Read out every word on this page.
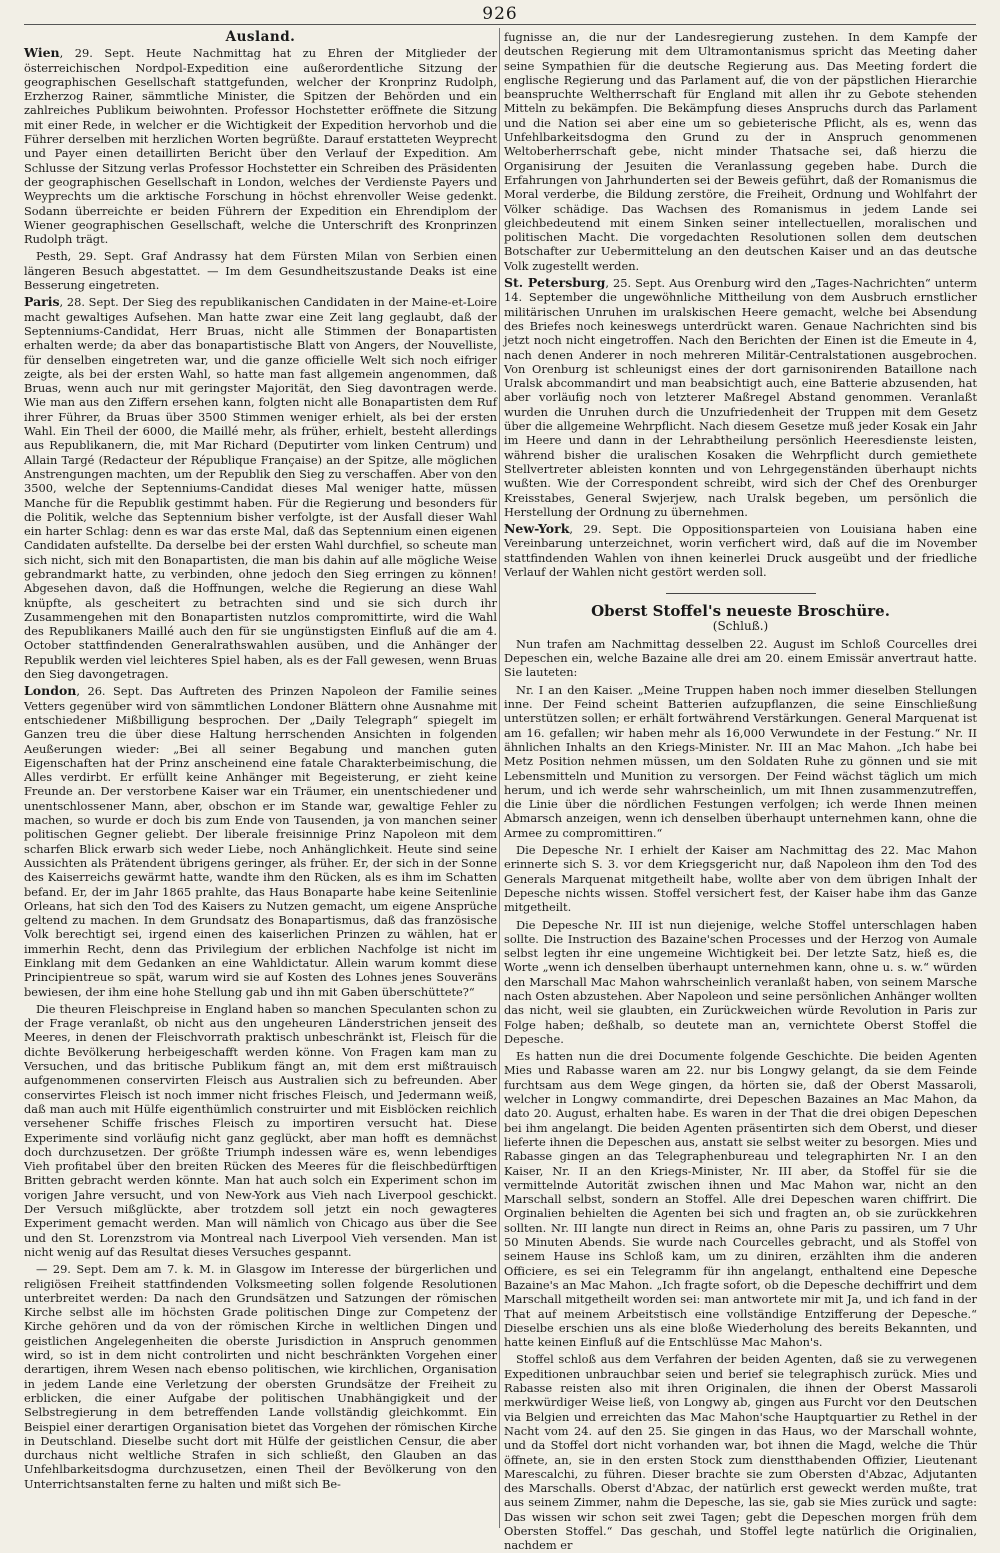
926
Ausland.

Wien, 29. Sept. Heute Nachmittag hat zu Ehren der Mitglieder der österreichischen Nordpol-Expedition eine außerordentliche Sitzung der geographischen Gesellschaft stattgefunden, welcher der Kronprinz Rudolph, Erzherzog Rainer, sämmtliche Minister, die Spitzen der Behörden und ein zahlreiches Publikum beiwohnten. Professor Hochstetter eröffnete die Sitzung mit einer Rede, in welcher er die Wichtigkeit der Expedition hervorhob und die Führer derselben mit herzlichen Worten begrüßte. Darauf erstatteten Weyprecht und Payer einen detaillirten Bericht über den Verlauf der Expedition. Am Schlusse der Sitzung verlas Professor Hochstetter ein Schreiben des Präsidenten der geographischen Gesellschaft in London, welches der Verdienste Payers und Weyprechts um die arktische Forschung in höchst ehrenvoller Weise gedenkt. Sodann überreichte er beiden Führern der Expedition ein Ehrendiplom der Wiener geographischen Gesellschaft, welche die Unterschrift des Kronprinzen Rudolph trägt.

Pesth, 29. Sept. Graf Andrassy hat dem Fürsten Milan von Serbien einen längeren Besuch abgestattet. — Im dem Gesundheitszustande Deaks ist eine Besserung eingetreten.

Paris, 28. Sept. Der Sieg des republikanischen Candidaten in der Maine-et-Loire macht gewaltiges Aufsehen. Man hatte zwar eine Zeit lang geglaubt, daß der Septenniums-Candidat, Herr Bruas, nicht alle Stimmen der Bonapartisten erhalten werde; da aber das bonapartistische Blatt von Angers, der Nouvelliste, für denselben eingetreten war, und die ganze officielle Welt sich noch eifriger zeigte, als bei der ersten Wahl, so hatte man fast allgemein angenommen, daß Bruas, wenn auch nur mit geringster Majorität, den Sieg davontragen werde. Wie man aus den Ziffern ersehen kann, folgten nicht alle Bonapartisten dem Ruf ihrer Führer, da Bruas über 3500 Stimmen weniger erhielt, als bei der ersten Wahl. Ein Theil der 6000, die Maillé mehr, als früher, erhielt, besteht allerdings aus Republikanern, die, mit Mar Richard (Deputirter vom linken Centrum) und Allain Targé (Redacteur der République Française) an der Spitze, alle möglichen Anstrengungen machten, um der Republik den Sieg zu verschaffen. Aber von den 3500, welche der Septenniums-Candidat dieses Mal weniger hatte, müssen Manche für die Republik gestimmt haben. Für die Regierung und besonders für die Politik, welche das Septennium bisher verfolgte, ist der Ausfall dieser Wahl ein harter Schlag: denn es war das erste Mal, daß das Septennium einen eigenen Candidaten aufstellte. Da derselbe bei der ersten Wahl durchfiel, so scheute man sich nicht, sich mit den Bonapartisten, die man bis dahin auf alle mögliche Weise gebrandmarkt hatte, zu verbinden, ohne jedoch den Sieg erringen zu können! Abgesehen davon, daß die Hoffnungen, welche die Regierung an diese Wahl knüpfte, als gescheitert zu betrachten sind und sie sich durch ihr Zusammengehen mit den Bonapartisten nutzlos compromittirte, wird die Wahl des Republikaners Maillé auch den für sie ungünstigsten Einfluß auf die am 4. October stattfindenden Generalrathswahlen ausüben, und die Anhänger der Republik werden viel leichteres Spiel haben, als es der Fall gewesen, wenn Bruas den Sieg davongetragen.

London, 26. Sept. Das Auftreten des Prinzen Napoleon der Familie seines Vetters gegenüber wird von sämmtlichen Londoner Blättern ohne Ausnahme mit entschiedener Mißbilligung besprochen. Der „Daily Telegraph“ spiegelt im Ganzen treu die über diese Haltung herrschenden Ansichten in folgenden Aeußerungen wieder: „Bei all seiner Begabung und manchen guten Eigenschaften hat der Prinz anscheinend eine fatale Charakterbeimischung, die Alles verdirbt. Er erfüllt keine Anhänger mit Begeisterung, er zieht keine Freunde an. Der verstorbene Kaiser war ein Träumer, ein unentschiedener und unentschlossener Mann, aber, obschon er im Stande war, gewaltige Fehler zu machen, so wurde er doch bis zum Ende von Tausenden, ja von manchen seiner politischen Gegner geliebt. Der liberale freisinnige Prinz Napoleon mit dem scharfen Blick erwarb sich weder Liebe, noch Anhänglichkeit. Heute sind seine Aussichten als Prätendent übrigens geringer, als früher. Er, der sich in der Sonne des Kaiserreichs gewärmt hatte, wandte ihm den Rücken, als es ihm im Schatten befand. Er, der im Jahr 1865 prahlte, das Haus Bonaparte habe keine Seitenlinie Orleans, hat sich den Tod des Kaisers zu Nutzen gemacht, um eigene Ansprüche geltend zu machen. In dem Grundsatz des Bonapartismus, daß das französische Volk berechtigt sei, irgend einen des kaiserlichen Prinzen zu wählen, hat er immerhin Recht, denn das Privilegium der erblichen Nachfolge ist nicht im Einklang mit dem Gedanken an eine Wahldictatur. Allein warum kommt diese Principientreue so spät, warum wird sie auf Kosten des Lohnes jenes Souveräns bewiesen, der ihm eine hohe Stellung gab und ihn mit Gaben überschüttete?“

Die theuren Fleischpreise in England haben so manchen Speculanten schon zu der Frage veranlaßt, ob nicht aus den ungeheuren Länderstrichen jenseit des Meeres, in denen der Fleischvorrath praktisch unbeschränkt ist, Fleisch für die dichte Bevölkerung herbeigeschafft werden könne. Von Fragen kam man zu Versuchen, und das britische Publikum fängt an, mit dem erst mißtrauisch aufgenommenen conservirten Fleisch aus Australien sich zu befreunden. Aber conservirtes Fleisch ist noch immer nicht frisches Fleisch, und Jedermann weiß, daß man auch mit Hülfe eigenthümlich construirter und mit Eisblöcken reichlich versehener Schiffe frisches Fleisch zu importiren versucht hat. Diese Experimente sind vorläufig nicht ganz geglückt, aber man hofft es demnächst doch durchzusetzen. Der größte Triumph indessen wäre es, wenn lebendiges Vieh profitabel über den breiten Rücken des Meeres für die fleischbedürftigen Britten gebracht werden könnte. Man hat auch solch ein Experiment schon im vorigen Jahre versucht, und von New-York aus Vieh nach Liverpool geschickt. Der Versuch mißglückte, aber trotzdem soll jetzt ein noch gewagteres Experiment gemacht werden. Man will nämlich von Chicago aus über die See und den St. Lorenzstrom via Montreal nach Liverpool Vieh versenden. Man ist nicht wenig auf das Resultat dieses Versuches gespannt.

— 29. Sept. Dem am 7. k. M. in Glasgow im Interesse der bürgerlichen und religiösen Freiheit stattfindenden Volksmeeting sollen folgende Resolutionen unterbreitet werden: Da nach den Grundsätzen und Satzungen der römischen Kirche selbst alle im höchsten Grade politischen Dinge zur Competenz der Kirche gehören und da von der römischen Kirche in weltlichen Dingen und geistlichen Angelegenheiten die oberste Jurisdiction in Anspruch genommen wird, so ist in dem nicht controlirten und nicht beschränkten Vorgehen einer derartigen, ihrem Wesen nach ebenso politischen, wie kirchlichen, Organisation in jedem Lande eine Verletzung der obersten Grundsätze der Freiheit zu erblicken, die einer Aufgabe der politischen Unabhängigkeit und der Selbstregierung in dem betreffenden Lande vollständig gleichkommt. Ein Beispiel einer derartigen Organisation bietet das Vorgehen der römischen Kirche in Deutschland. Dieselbe sucht dort mit Hülfe der geistlichen Censur, die aber durchaus nicht weltliche Strafen in sich schließt, den Glauben an das Unfehlbarkeitsdogma durchzusetzen, einen Theil der Bevölkerung von den Unterrichtsanstalten ferne zu halten und mißt sich Be-

fugnisse an, die nur der Landesregierung zustehen. In dem Kampfe der deutschen Regierung mit dem Ultramontanismus spricht das Meeting daher seine Sympathien für die deutsche Regierung aus. Das Meeting fordert die englische Regierung und das Parlament auf, die von der päpstlichen Hierarchie beanspruchte Weltherrschaft für England mit allen ihr zu Gebote stehenden Mitteln zu bekämpfen. Die Bekämpfung dieses Anspruchs durch das Parlament und die Nation sei aber eine um so gebieterische Pflicht, als es, wenn das Unfehlbarkeitsdogma den Grund zu der in Anspruch genommenen Weltoberherrschaft gebe, nicht minder Thatsache sei, daß hierzu die Organisirung der Jesuiten die Veranlassung gegeben habe. Durch die Erfahrungen von Jahrhunderten sei der Beweis geführt, daß der Romanismus die Moral verderbe, die Bildung zerstöre, die Freiheit, Ordnung und Wohlfahrt der Völker schädige. Das Wachsen des Romanismus in jedem Lande sei gleichbedeutend mit einem Sinken seiner intellectuellen, moralischen und politischen Macht. Die vorgedachten Resolutionen sollen dem deutschen Botschafter zur Uebermittelung an den deutschen Kaiser und an das deutsche Volk zugestellt werden.

St. Petersburg, 25. Sept. Aus Orenburg wird den „Tages-Nachrichten“ unterm 14. September die ungewöhnliche Mittheilung von dem Ausbruch ernstlicher militärischen Unruhen im uralskischen Heere gemacht, welche bei Absendung des Briefes noch keineswegs unterdrückt waren. Genaue Nachrichten sind bis jetzt noch nicht eingetroffen. Nach den Berichten der Einen ist die Emeute in 4, nach denen Anderer in noch mehreren Militär-Centralstationen ausgebrochen. Von Orenburg ist schleunigst eines der dort garnisonirenden Bataillone nach Uralsk abcommandirt und man beabsichtigt auch, eine Batterie abzusenden, hat aber vorläufig noch von letzterer Maßregel Abstand genommen. Veranlaßt wurden die Unruhen durch die Unzufriedenheit der Truppen mit dem Gesetz über die allgemeine Wehrpflicht. Nach diesem Gesetze muß jeder Kosak ein Jahr im Heere und dann in der Lehrabtheilung persönlich Heeresdienste leisten, während bisher die uralischen Kosaken die Wehrpflicht durch gemiethete Stellvertreter ableisten konnten und von Lehrgegenständen überhaupt nichts wußten. Wie der Correspondent schreibt, wird sich der Chef des Orenburger Kreisstabes, General Swjerjew, nach Uralsk begeben, um persönlich die Herstellung der Ordnung zu übernehmen.

New-York, 29. Sept. Die Oppositionsparteien von Louisiana haben eine Vereinbarung unterzeichnet, worin verfichert wird, daß auf die im November stattfindenden Wahlen von ihnen keinerlei Druck ausgeübt und der friedliche Verlauf der Wahlen nicht gestört werden soll.

Oberst Stoffel's neueste Broschüre.
(Schluß.)

Nun trafen am Nachmittag desselben 22. August im Schloß Courcelles drei Depeschen ein, welche Bazaine alle drei am 20. einem Emissär anvertraut hatte. Sie lauteten:

Nr. I an den Kaiser. „Meine Truppen haben noch immer dieselben Stellungen inne. Der Feind scheint Batterien aufzupflanzen, die seine Einschließung unterstützen sollen; er erhält fortwährend Verstärkungen. General Marquenat ist am 16. gefallen; wir haben mehr als 16,000 Verwundete in der Festung.“ Nr. II ähnlichen Inhalts an den Kriegs-Minister. Nr. III an Mac Mahon. „Ich habe bei Metz Position nehmen müssen, um den Soldaten Ruhe zu gönnen und sie mit Lebensmitteln und Munition zu versorgen. Der Feind wächst täglich um mich herum, und ich werde sehr wahrscheinlich, um mit Ihnen zusammenzutreffen, die Linie über die nördlichen Festungen verfolgen; ich werde Ihnen meinen Abmarsch anzeigen, wenn ich denselben überhaupt unternehmen kann, ohne die Armee zu compromittiren.“

Die Depesche Nr. I erhielt der Kaiser am Nachmittag des 22. Mac Mahon erinnerte sich S. 3. vor dem Kriegsgericht nur, daß Napoleon ihm den Tod des Generals Marquenat mitgetheilt habe, wollte aber von dem übrigen Inhalt der Depesche nichts wissen. Stoffel versichert fest, der Kaiser habe ihm das Ganze mitgetheilt.

Die Depesche Nr. III ist nun diejenige, welche Stoffel unterschlagen haben sollte. Die Instruction des Bazaine'schen Processes und der Herzog von Aumale selbst legten ihr eine ungemeine Wichtigkeit bei. Der letzte Satz, hieß es, die Worte „wenn ich denselben überhaupt unternehmen kann, ohne u. s. w.“ würden den Marschall Mac Mahon wahrscheinlich veranlaßt haben, von seinem Marsche nach Osten abzustehen. Aber Napoleon und seine persönlichen Anhänger wollten das nicht, weil sie glaubten, ein Zurückweichen würde Revolution in Paris zur Folge haben; deßhalb, so deutete man an, vernichtete Oberst Stoffel die Depesche.

Es hatten nun die drei Documente folgende Geschichte. Die beiden Agenten Mies und Rabasse waren am 22. nur bis Longwy gelangt, da sie dem Feinde furchtsam aus dem Wege gingen, da hörten sie, daß der Oberst Massaroli, welcher in Longwy commandirte, drei Depeschen Bazaines an Mac Mahon, da dato 20. August, erhalten habe. Es waren in der That die drei obigen Depeschen bei ihm angelangt. Die beiden Agenten präsentirten sich dem Oberst, und dieser lieferte ihnen die Depeschen aus, anstatt sie selbst weiter zu besorgen. Mies und Rabasse gingen an das Telegraphenbureau und telegraphirten Nr. I an den Kaiser, Nr. II an den Kriegs-Minister, Nr. III aber, da Stoffel für sie die vermittelnde Autorität zwischen ihnen und Mac Mahon war, nicht an den Marschall selbst, sondern an Stoffel. Alle drei Depeschen waren chiffrirt. Die Orginalien behielten die Agenten bei sich und fragten an, ob sie zurückkehren sollten. Nr. III langte nun direct in Reims an, ohne Paris zu passiren, um 7 Uhr 50 Minuten Abends. Sie wurde nach Courcelles gebracht, und als Stoffel von seinem Hause ins Schloß kam, um zu diniren, erzählten ihm die anderen Officiere, es sei ein Telegramm für ihn angelangt, enthaltend eine Depesche Bazaine's an Mac Mahon. „Ich fragte sofort, ob die Depesche dechiffrirt und dem Marschall mitgetheilt worden sei: man antwortete mir mit Ja, und ich fand in der That auf meinem Arbeitstisch eine vollständige Entzifferung der Depesche.“ Dieselbe erschien uns als eine bloße Wiederholung des bereits Bekannten, und hatte keinen Einfluß auf die Entschlüsse Mac Mahon's.

Stoffel schloß aus dem Verfahren der beiden Agenten, daß sie zu verwegenen Expeditionen unbrauchbar seien und berief sie telegraphisch zurück. Mies und Rabasse reisten also mit ihren Originalen, die ihnen der Oberst Massaroli merkwürdiger Weise ließ, von Longwy ab, gingen aus Furcht vor den Deutschen via Belgien und erreichten das Mac Mahon'sche Hauptquartier zu Rethel in der Nacht vom 24. auf den 25. Sie gingen in das Haus, wo der Marschall wohnte, und da Stoffel dort nicht vorhanden war, bot ihnen die Magd, welche die Thür öffnete, an, sie in den ersten Stock zum dienstthabenden Offizier, Lieutenant Marescalchi, zu führen. Dieser brachte sie zum Obersten d'Abzac, Adjutanten des Marschalls. Oberst d'Abzac, der natürlich erst geweckt werden mußte, trat aus seinem Zimmer, nahm die Depesche, las sie, gab sie Mies zurück und sagte: Das wissen wir schon seit zwei Tagen; gebt die Depeschen morgen früh dem Obersten Stoffel.“ Das geschah, und Stoffel legte natürlich die Originalien, nachdem er
